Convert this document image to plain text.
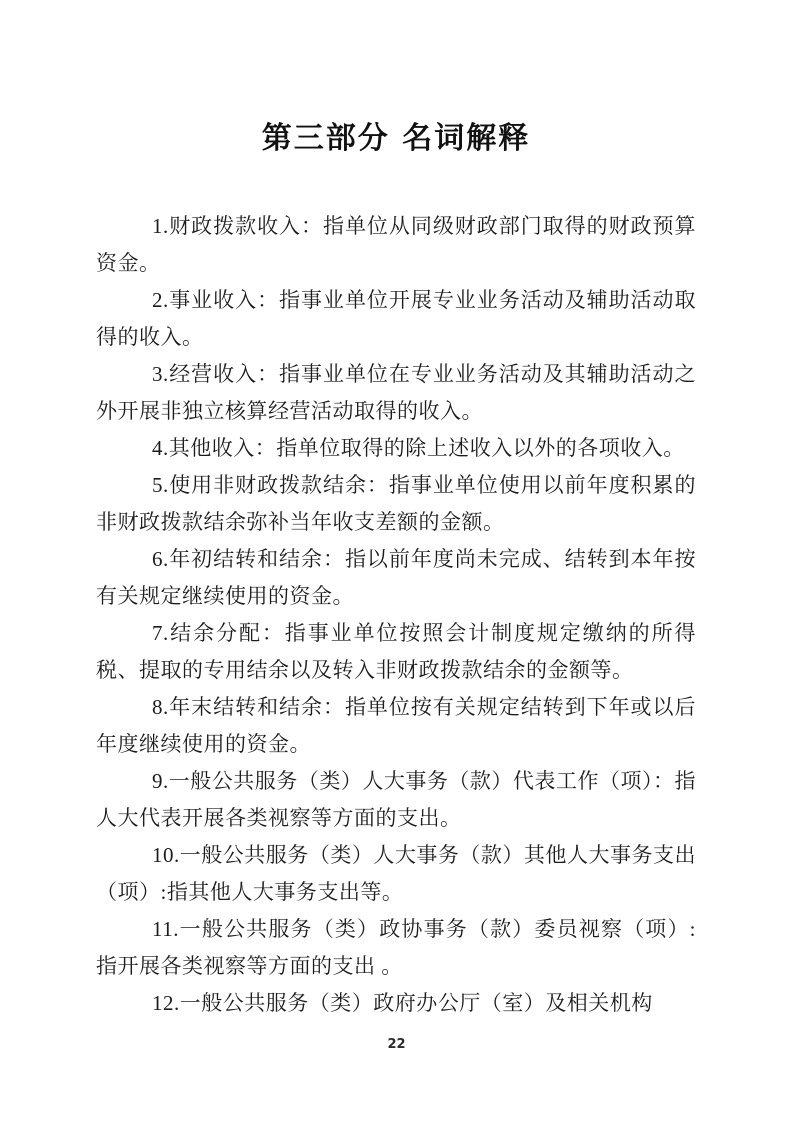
第三部分 名词解释

1.财政拨款收入：指单位从同级财政部门取得的财政预算资金。

2.事业收入：指事业单位开展专业业务活动及辅助活动取得的收入。

3.经营收入：指事业单位在专业业务活动及其辅助活动之外开展非独立核算经营活动取得的收入。

4.其他收入：指单位取得的除上述收入以外的各项收入。

5.使用非财政拨款结余：指事业单位使用以前年度积累的非财政拨款结余弥补当年收支差额的金额。

6.年初结转和结余：指以前年度尚未完成、结转到本年按有关规定继续使用的资金。

7.结余分配：指事业单位按照会计制度规定缴纳的所得税、提取的专用结余以及转入非财政拨款结余的金额等。

8.年末结转和结余：指单位按有关规定结转到下年或以后年度继续使用的资金。

9.一般公共服务（类）人大事务（款）代表工作（项）：指人大代表开展各类视察等方面的支出。

10.一般公共服务（类）人大事务（款）其他人大事务支出（项）:指其他人大事务支出等。

11.一般公共服务（类）政协事务（款）委员视察（项）:指开展各类视察等方面的支出 。

12.一般公共服务（类）政府办公厅（室）及相关机构

22
